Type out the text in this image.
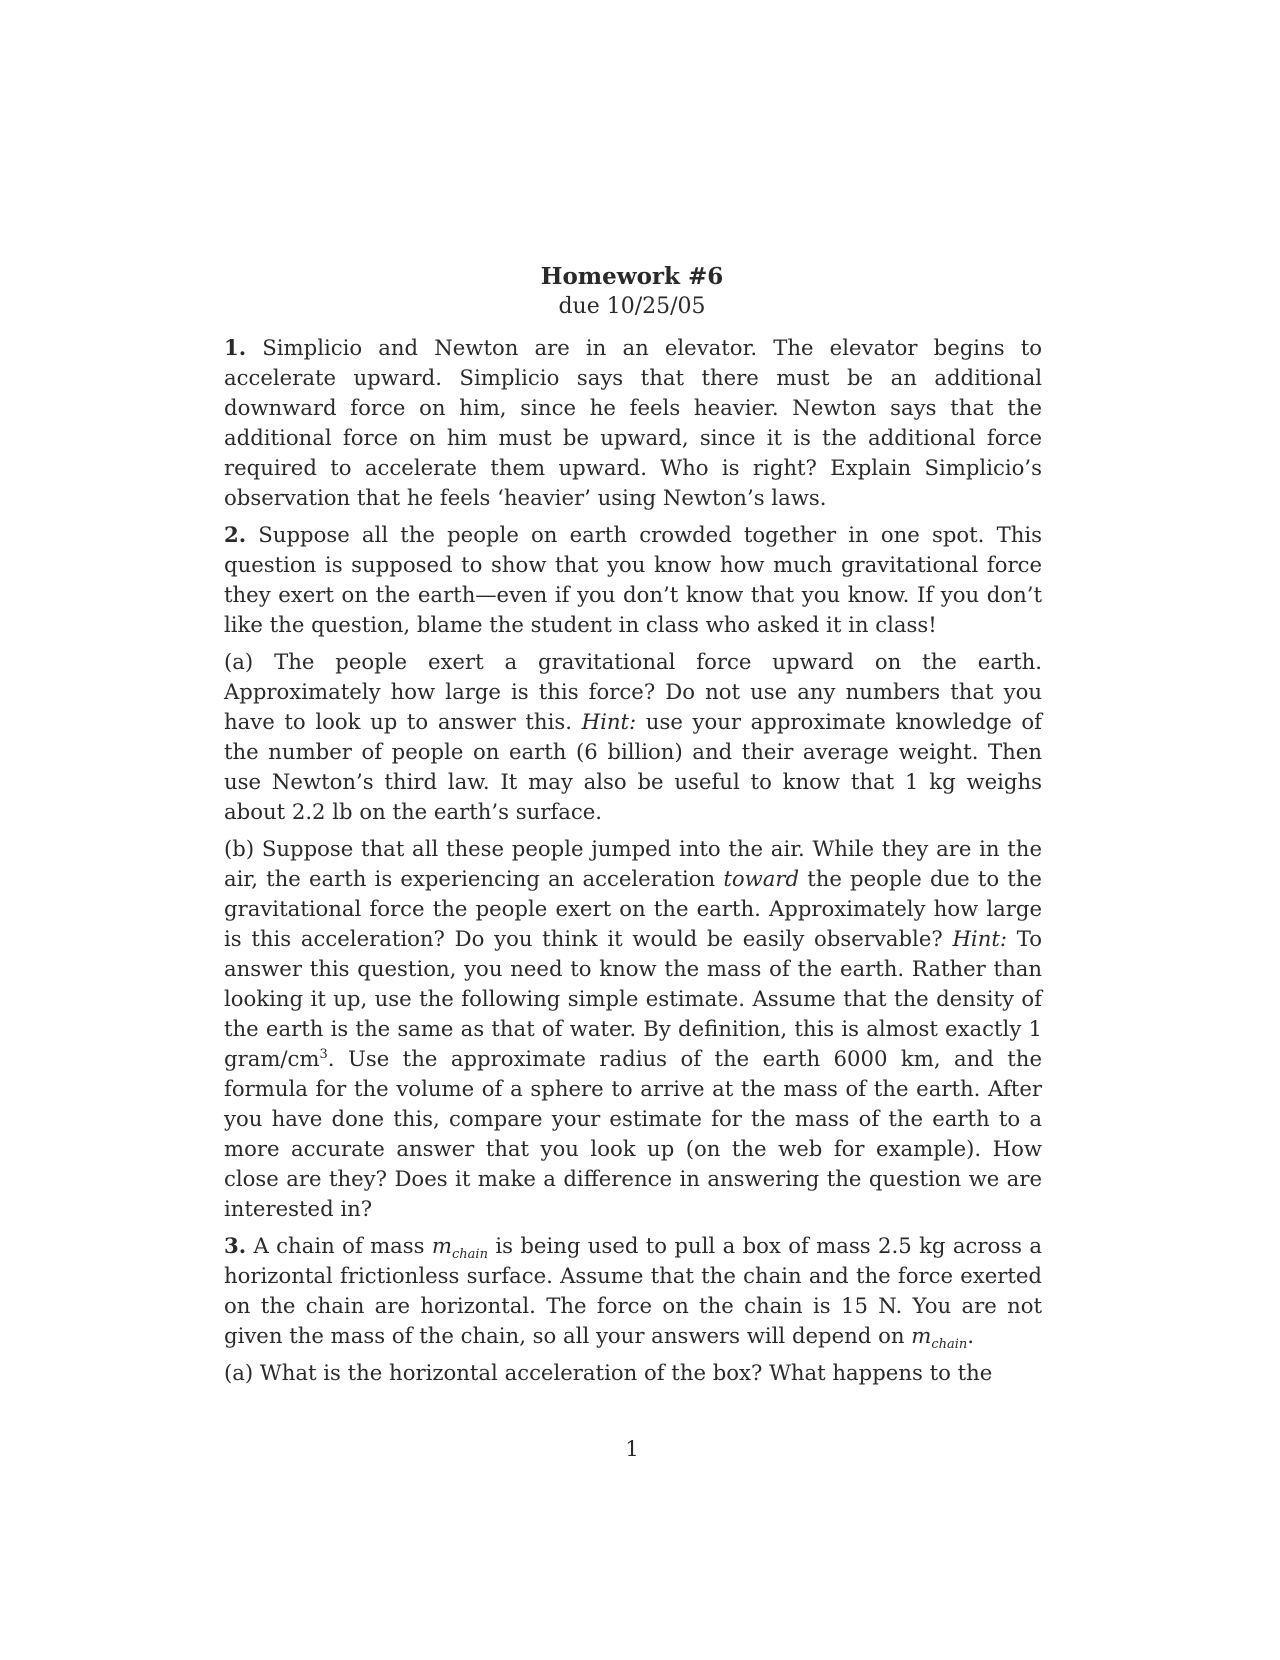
Homework #6

due 10/25/05

1. Simplicio and Newton are in an elevator. The elevator begins to accelerate upward. Simplicio says that there must be an additional downward force on him, since he feels heavier. Newton says that the additional force on him must be upward, since it is the additional force required to accelerate them upward. Who is right? Explain Simplicio’s observation that he feels ‘heavier’ using Newton’s laws.

2. Suppose all the people on earth crowded together in one spot. This question is supposed to show that you know how much gravitational force they exert on the earth—even if you don’t know that you know. If you don’t like the question, blame the student in class who asked it in class!

(a) The people exert a gravitational force upward on the earth. Approximately how large is this force? Do not use any numbers that you have to look up to answer this. Hint: use your approximate knowledge of the number of people on earth (6 billion) and their average weight. Then use Newton’s third law. It may also be useful to know that 1 kg weighs about 2.2 lb on the earth’s surface.

(b) Suppose that all these people jumped into the air. While they are in the air, the earth is experiencing an acceleration toward the people due to the gravitational force the people exert on the earth. Approximately how large is this acceleration? Do you think it would be easily observable? Hint: To answer this question, you need to know the mass of the earth. Rather than looking it up, use the following simple estimate. Assume that the density of the earth is the same as that of water. By definition, this is almost exactly 1 gram/$cm^3$. Use the approximate radius of the earth 6000 km, and the formula for the volume of a sphere to arrive at the mass of the earth. After you have done this, compare your estimate for the mass of the earth to a more accurate answer that you look up (on the web for example). How close are they? Does it make a difference in answering the question we are interested in?

3. A chain of mass $m_{chain}$ is being used to pull a box of mass 2.5 kg across a horizontal frictionless surface. Assume that the chain and the force exerted on the chain are horizontal. The force on the chain is 15 N. You are not given the mass of the chain, so all your answers will depend on $m_{chain}$.

(a) What is the horizontal acceleration of the box? What happens to the

1
